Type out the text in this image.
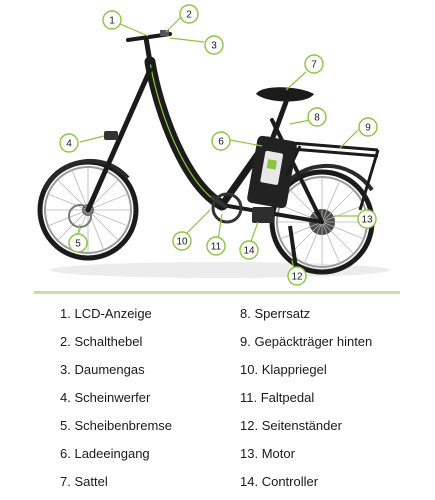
1
2
3
7
4	6
8
9
5	10 11 14
12
13
1. LCD-Anzeige
2. Schalthebel
3. Daumengas
4. Scheinwerfer
5. Scheibenbremse
6. Ladeeingang
7. Sattel
8. Sperrsatz
9. Gepäckträger hinten
10. Klappriegel
11. Faltpedal
12. Seitenständer
13. Motor
14. Controller
